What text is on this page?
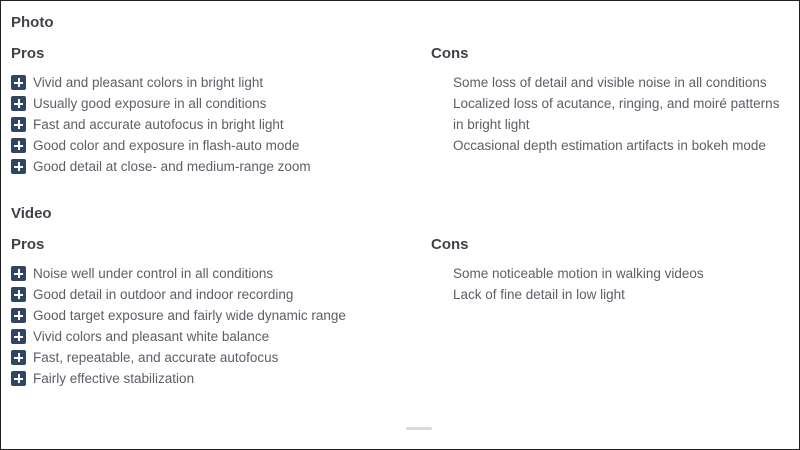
Photo
Pros
Vivid and pleasant colors in bright light
Usually good exposure in all conditions
Fast and accurate autofocus in bright light
Good color and exposure in flash-auto mode
Good detail at close- and medium-range zoom
Cons
Some loss of detail and visible noise in all conditions
Localized loss of acutance, ringing, and moiré patterns in bright light
Occasional depth estimation artifacts in bokeh mode
Video
Pros
Noise well under control in all conditions
Good detail in outdoor and indoor recording
Good target exposure and fairly wide dynamic range
Vivid colors and pleasant white balance
Fast, repeatable, and accurate autofocus
Fairly effective stabilization
Cons
Some noticeable motion in walking videos
Lack of fine detail in low light
